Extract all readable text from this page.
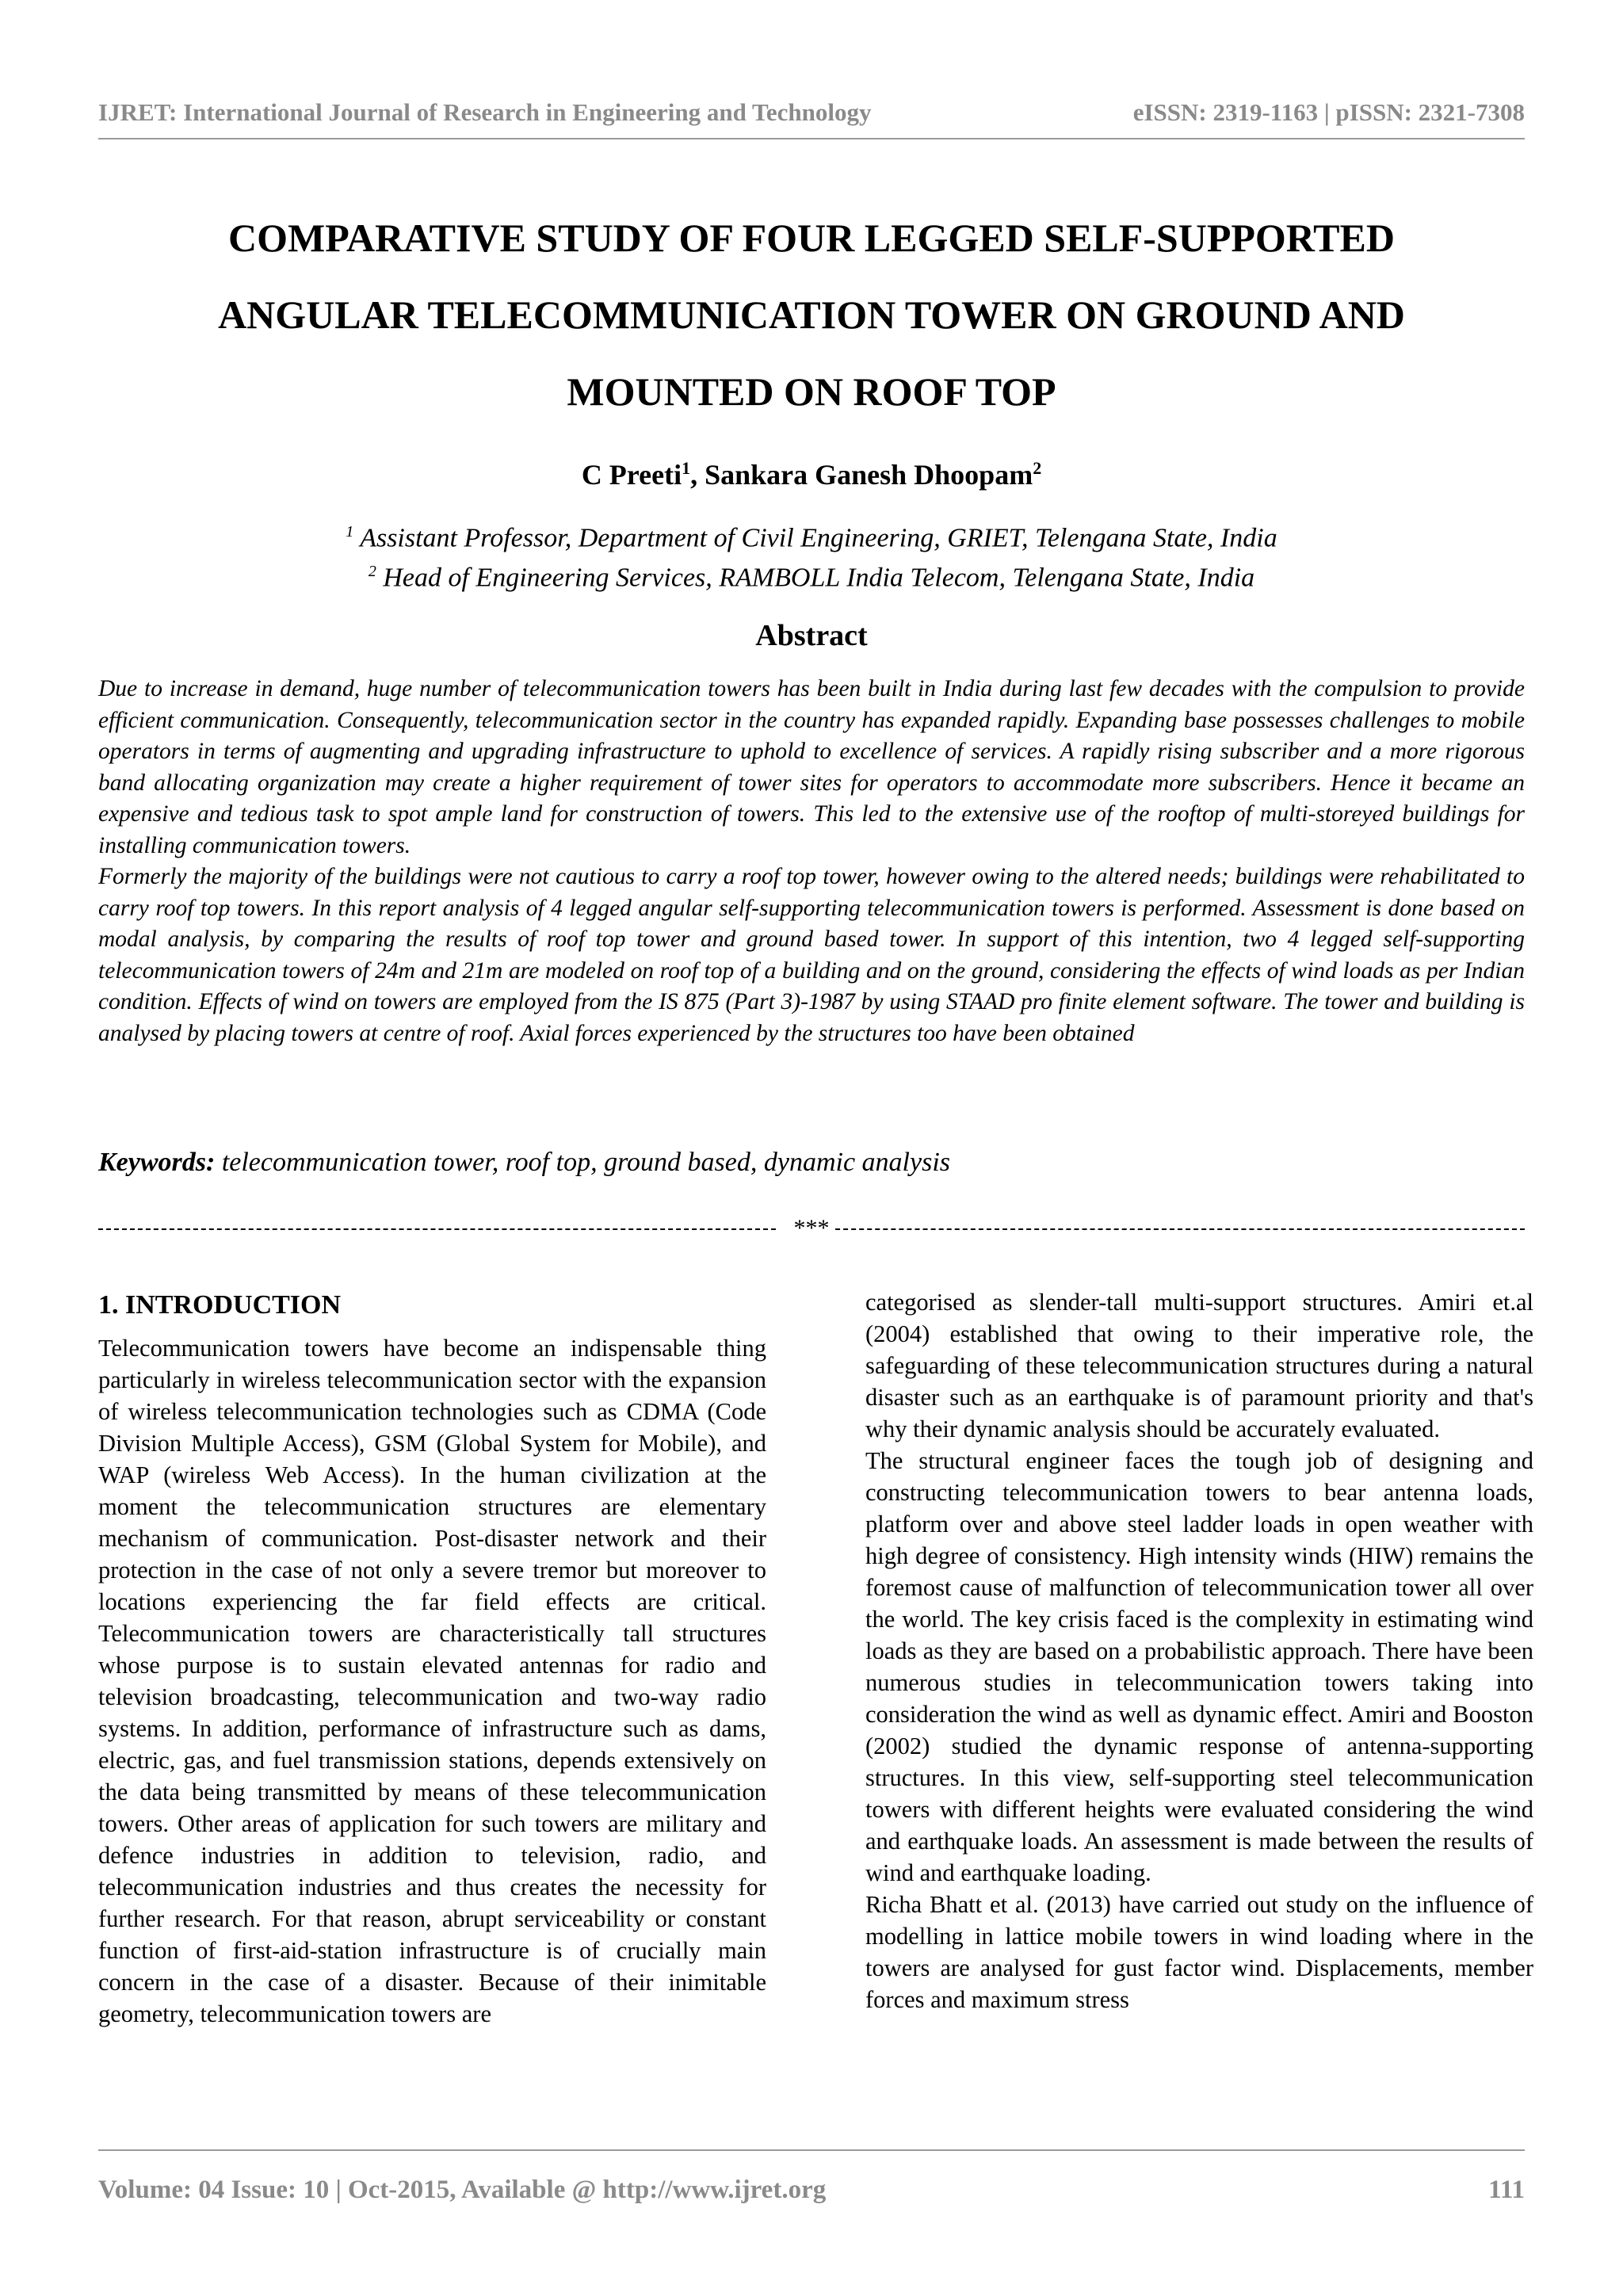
IJRET: International Journal of Research in Engineering and Technology	eISSN: 2319-1163 | pISSN: 2321-7308
COMPARATIVE STUDY OF FOUR LEGGED SELF-SUPPORTED
ANGULAR TELECOMMUNICATION TOWER ON GROUND AND
MOUNTED ON ROOF TOP
C Preeti$^1$, Sankara Ganesh Dhoopam$^2$
$^1$ Assistant Professor, Department of Civil Engineering, GRIET, Telengana State, India
$^2$ Head of Engineering Services, RAMBOLL India Telecom, Telengana State, India
Abstract

Due to increase in demand, huge number of telecommunication towers has been built in India during last few decades with the compulsion to provide efficient communication. Consequently, telecommunication sector in the country has expanded rapidly. Expanding base possesses challenges to mobile operators in terms of augmenting and upgrading infrastructure to uphold to excellence of services. A rapidly rising subscriber and a more rigorous band allocating organization may create a higher requirement of tower sites for operators to accommodate more subscribers. Hence it became an expensive and tedious task to spot ample land for construction of towers. This led to the extensive use of the rooftop of multi-storeyed buildings for installing communication towers.

Formerly the majority of the buildings were not cautious to carry a roof top tower, however owing to the altered needs; buildings were rehabilitated to carry roof top towers. In this report analysis of 4 legged angular self-supporting telecommunication towers is performed. Assessment is done based on modal analysis, by comparing the results of roof top tower and ground based tower. In support of this intention, two 4 legged self-supporting telecommunication towers of 24m and 21m are modeled on roof top of a building and on the ground, considering the effects of wind loads as per Indian condition. Effects of wind on towers are employed from the IS 875 (Part 3)-1987 by using STAAD pro finite element software. The tower and building is analysed by placing towers at centre of roof. Axial forces experienced by the structures too have been obtained

Keywords: telecommunication tower, roof top, ground based, dynamic analysis
***
1. INTRODUCTION

Telecommunication towers have become an indispensable thing particularly in wireless telecommunication sector with the expansion of wireless telecommunication technologies such as CDMA (Code Division Multiple Access), GSM (Global System for Mobile), and WAP (wireless Web Access). In the human civilization at the moment the telecommunication structures are elementary mechanism of communication. Post-disaster network and their protection in the case of not only a severe tremor but moreover to locations experiencing the far field effects are critical. Telecommunication towers are characteristically tall structures whose purpose is to sustain elevated antennas for radio and television broadcasting, telecommunication and two-way radio systems. In addition, performance of infrastructure such as dams, electric, gas, and fuel transmission stations, depends extensively on the data being transmitted by means of these telecommunication towers. Other areas of application for such towers are military and defence industries in addition to television, radio, and telecommunication industries and thus creates the necessity for further research. For that reason, abrupt serviceability or constant function of first-aid-station infrastructure is of crucially main concern in the case of a disaster. Because of their inimitable geometry, telecommunication towers are

categorised as slender-tall multi-support structures. Amiri et.al (2004) established that owing to their imperative role, the safeguarding of these telecommunication structures during a natural disaster such as an earthquake is of paramount priority and that's why their dynamic analysis should be accurately evaluated.

The structural engineer faces the tough job of designing and constructing telecommunication towers to bear antenna loads, platform over and above steel ladder loads in open weather with high degree of consistency. High intensity winds (HIW) remains the foremost cause of malfunction of telecommunication tower all over the world. The key crisis faced is the complexity in estimating wind loads as they are based on a probabilistic approach. There have been numerous studies in telecommunication towers taking into consideration the wind as well as dynamic effect. Amiri and Booston (2002) studied the dynamic response of antenna-supporting structures. In this view, self-supporting steel telecommunication towers with different heights were evaluated considering the wind and earthquake loads. An assessment is made between the results of wind and earthquake loading.

Richa Bhatt et al. (2013) have carried out study on the influence of modelling in lattice mobile towers in wind loading where in the towers are analysed for gust factor wind. Displacements, member forces and maximum stress

Volume: 04 Issue: 10 | Oct-2015, Available @ http://www.ijret.org	111
